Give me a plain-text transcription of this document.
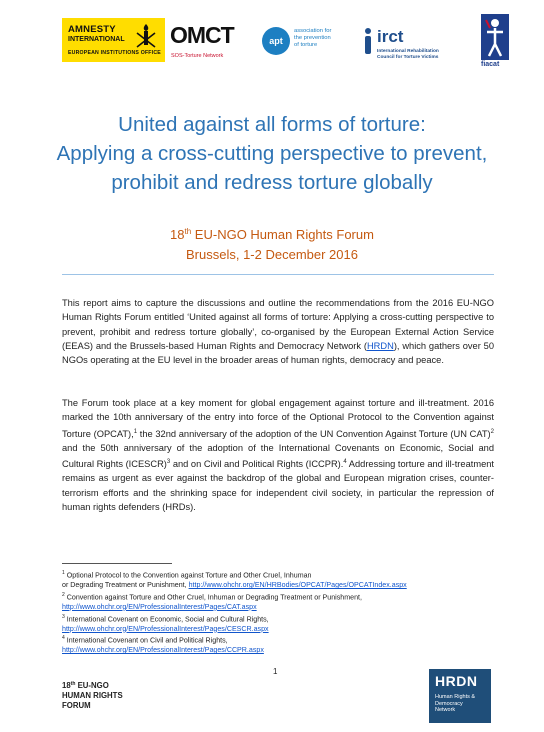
AMNESTY
INTERNATIONAL
EUROPEAN INSTITUTIONS OFFICE
OMCT
SOS-Torture Network
apt
association for
the prevention
of torture	irct
International Rehabilitation
Council for Torture Victims
fiacat
United against all forms of torture:
Applying a cross-cutting perspective to prevent,
prohibit and redress torture globally
18th EU-NGO Human Rights Forum
Brussels, 1-2 December 2016
This report aims to capture the discussions and outline the recommendations from the 2016 EU-NGO Human Rights Forum entitled ‘United against all forms of torture: Applying a cross-cutting perspective to prevent, prohibit and redress torture globally’, co-organised by the European External Action Service (EEAS) and the Brussels-based Human Rights and Democracy Network (HRDN), which gathers over 50 NGOs operating at the EU level in the broader areas of human rights, democracy and peace.
The Forum took place at a key moment for global engagement against torture and ill-treatment. 2016 marked the 10th anniversary of the entry into force of the Optional Protocol to the Convention against Torture (OPCAT),$^1$ the 32nd anniversary of the adoption of the UN Convention Against Torture (UN CAT)$^2$ and the 50th anniversary of the adoption of the International Covenants on Economic, Social and Cultural Rights (ICESCR)$^3$ and on Civil and Political Rights (ICCPR).$^4$ Addressing torture and ill-treatment remains as urgent as ever against the backdrop of the global and European migration crises, counter-terrorism efforts and the shrinking space for independent civil society, in particular the repression of human rights defenders (HRDs).
$^1$ Optional Protocol to the Convention against Torture and Other Cruel, Inhuman
or Degrading Treatment or Punishment, http://www.ohchr.org/EN/HRBodies/OPCAT/Pages/OPCATIndex.aspx
$^2$ Convention against Torture and Other Cruel, Inhuman or Degrading Treatment or Punishment,
http://www.ohchr.org/EN/ProfessionalInterest/Pages/CAT.aspx
$^3$ International Covenant on Economic, Social and Cultural Rights,
http://www.ohchr.org/EN/ProfessionalInterest/Pages/CESCR.aspx
$^4$ International Covenant on Civil and Political Rights,
http://www.ohchr.org/EN/ProfessionalInterest/Pages/CCPR.aspx
1
18th EU-NGO
HUMAN RIGHTS
FORUM
HRDN
Human Rights &
Democracy
Network
